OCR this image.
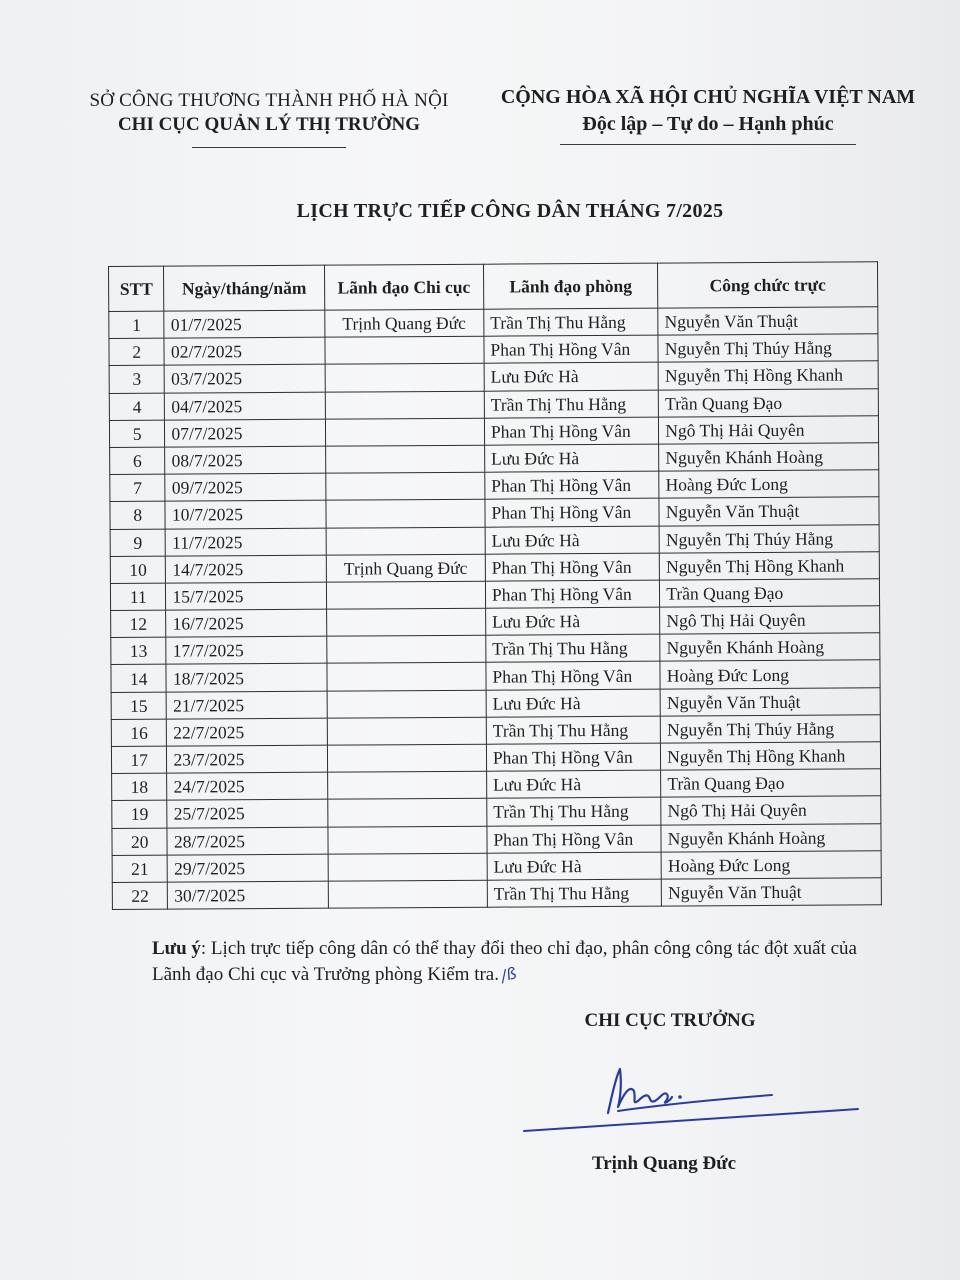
SỞ CÔNG THƯƠNG THÀNH PHỐ HÀ NỘI
CHI CỤC QUẢN LÝ THỊ TRƯỜNG
CỘNG HÒA XÃ HỘI CHỦ NGHĨA VIỆT NAM
Độc lập – Tự do – Hạnh phúc
LỊCH TRỰC TIẾP CÔNG DÂN THÁNG 7/2025
STT	Ngày/tháng/năm	Lãnh đạo Chi cục	Lãnh đạo phòng	Công chức trực
1	01/7/2025	Trịnh Quang Đức	Trần Thị Thu Hằng	Nguyễn Văn Thuật
2	02/7/2025		Phan Thị Hồng Vân	Nguyễn Thị Thúy Hằng
3	03/7/2025		Lưu Đức Hà	Nguyễn Thị Hồng Khanh
4	04/7/2025		Trần Thị Thu Hằng	Trần Quang Đạo
5	07/7/2025		Phan Thị Hồng Vân	Ngô Thị Hải Quyên
6	08/7/2025		Lưu Đức Hà	Nguyễn Khánh Hoàng
7	09/7/2025		Phan Thị Hồng Vân	Hoàng Đức Long
8	10/7/2025		Phan Thị Hồng Vân	Nguyễn Văn Thuật
9	11/7/2025		Lưu Đức Hà	Nguyễn Thị Thúy Hằng
10	14/7/2025	Trịnh Quang Đức	Phan Thị Hồng Vân	Nguyễn Thị Hồng Khanh
11	15/7/2025		Phan Thị Hồng Vân	Trần Quang Đạo
12	16/7/2025		Lưu Đức Hà	Ngô Thị Hải Quyên
13	17/7/2025		Trần Thị Thu Hằng	Nguyễn Khánh Hoàng
14	18/7/2025		Phan Thị Hồng Vân	Hoàng Đức Long
15	21/7/2025		Lưu Đức Hà	Nguyễn Văn Thuật
16	22/7/2025		Trần Thị Thu Hằng	Nguyễn Thị Thúy Hằng
17	23/7/2025		Phan Thị Hồng Vân	Nguyễn Thị Hồng Khanh
18	24/7/2025		Lưu Đức Hà	Trần Quang Đạo
19	25/7/2025		Trần Thị Thu Hằng	Ngô Thị Hải Quyên
20	28/7/2025		Phan Thị Hồng Vân	Nguyễn Khánh Hoàng
21	29/7/2025		Lưu Đức Hà	Hoàng Đức Long
22	30/7/2025		Trần Thị Thu Hằng	Nguyễn Văn Thuật
Lưu ý: Lịch trực tiếp công dân có thể thay đổi theo chỉ đạo, phân công công tác đột xuất của Lãnh đạo Chi cục và Trưởng phòng Kiểm tra./ß
CHI CỤC TRƯỞNG
Trịnh Quang Đức
